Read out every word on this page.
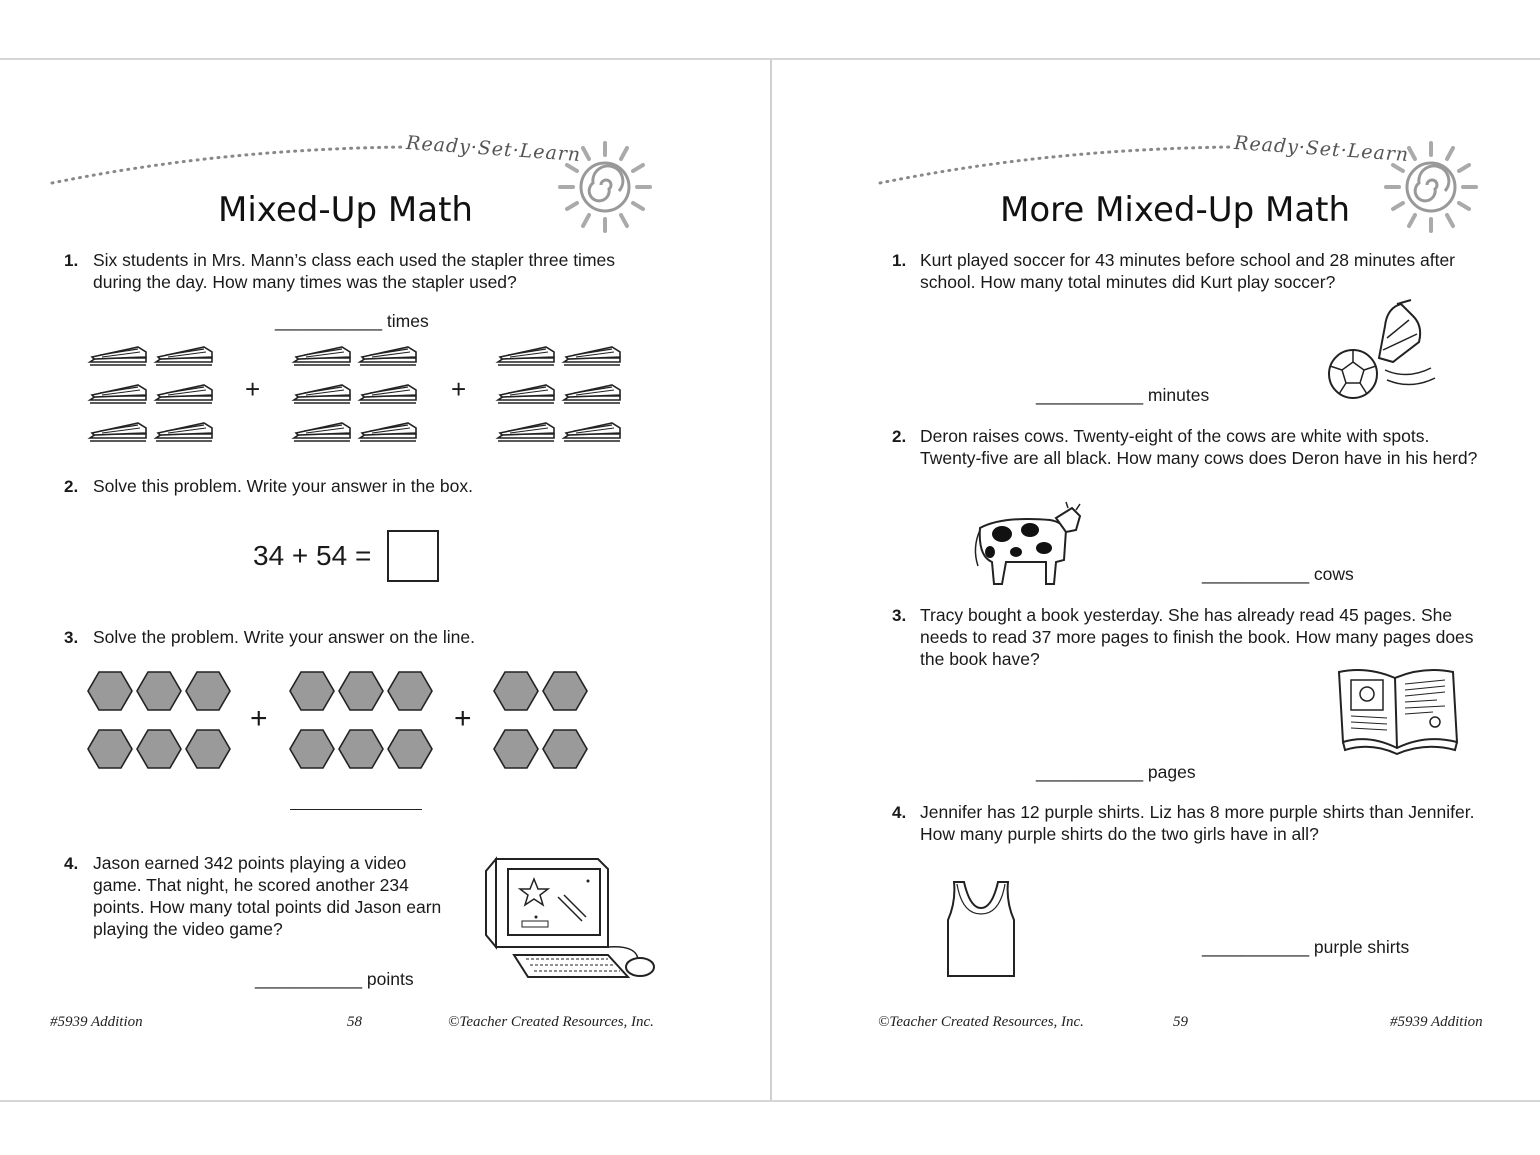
Ready·Set·Learn
Mixed-Up Math
1. Six students in Mrs. Mann’s class each used the stapler three times during the day. How many times was the stapler used?
___________ times
+	+
2. Solve this problem. Write your answer in the box.
34 + 54 =
3. Solve the problem. Write your answer on the line.
+	+
4. Jason earned 342 points playing a video game. That night, he scored another 234 points. How many total points did Jason earn playing the video game?
___________ points
#5939 Addition	58	©Teacher Created Resources, Inc.
Ready·Set·Learn
More Mixed-Up Math
1. Kurt played soccer for 43 minutes before school and 28 minutes after school. How many total minutes did Kurt play soccer?
___________ minutes
2. Deron raises cows. Twenty-eight of the cows are white with spots. Twenty-five are all black. How many cows does Deron have in his herd?
___________ cows
3. Tracy bought a book yesterday. She has already read 45 pages. She needs to read 37 more pages to finish the book. How many pages does the book have?
___________ pages
4. Jennifer has 12 purple shirts. Liz has 8 more purple shirts than Jennifer. How many purple shirts do the two girls have in all?
___________ purple shirts
©Teacher Created Resources, Inc.	59	#5939 Addition
